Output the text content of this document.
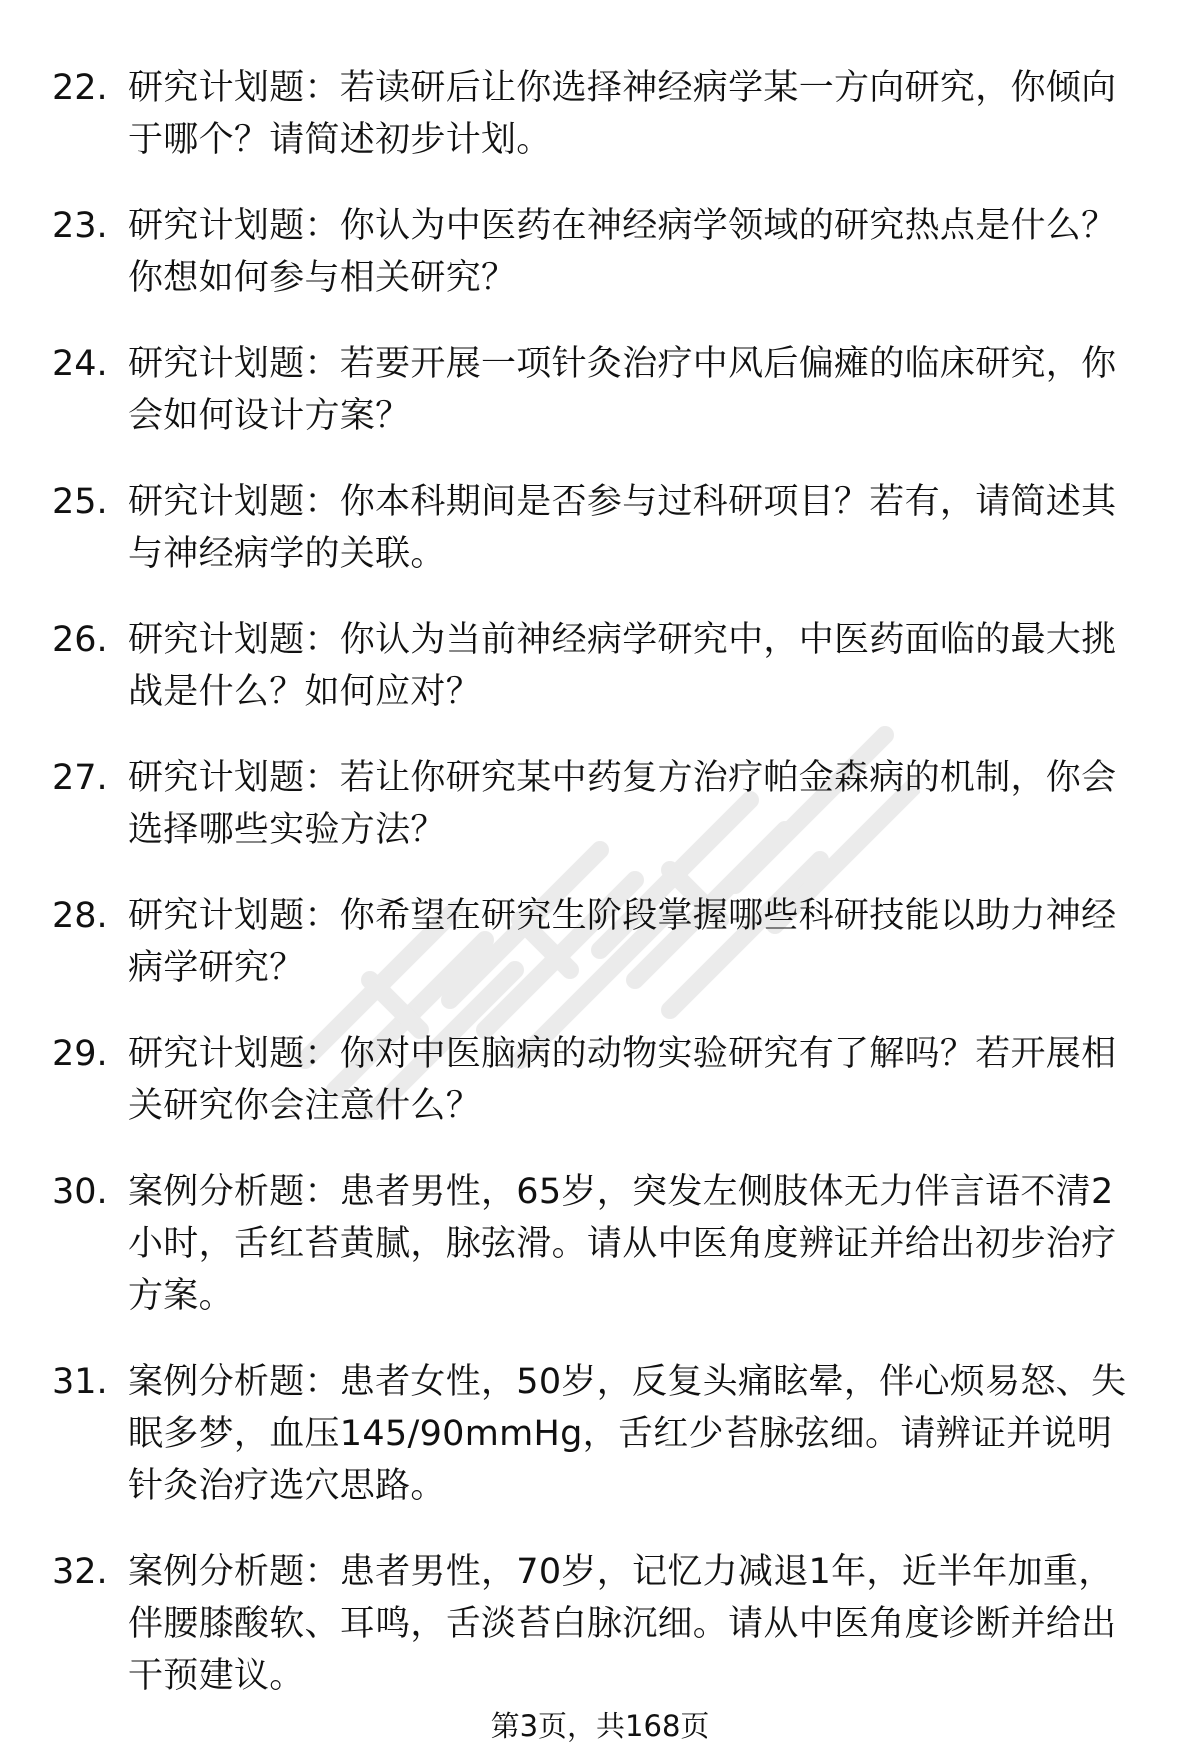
22. 研究计划题：若读研后让你选择神经病学某一方向研究，你倾向于哪个？请简述初步计划。
23. 研究计划题：你认为中医药在神经病学领域的研究热点是什么？你想如何参与相关研究？
24. 研究计划题：若要开展一项针灸治疗中风后偏瘫的临床研究，你会如何设计方案？
25. 研究计划题：你本科期间是否参与过科研项目？若有，请简述其与神经病学的关联。
26. 研究计划题：你认为当前神经病学研究中，中医药面临的最大挑战是什么？如何应对？
27. 研究计划题：若让你研究某中药复方治疗帕金森病的机制，你会选择哪些实验方法？
28. 研究计划题：你希望在研究生阶段掌握哪些科研技能以助力神经病学研究？
29. 研究计划题：你对中医脑病的动物实验研究有了解吗？若开展相关研究你会注意什么？
30. 案例分析题：患者男性，65岁，突发左侧肢体无力伴言语不清2小时，舌红苔黄腻，脉弦滑。请从中医角度辨证并给出初步治疗方案。
31. 案例分析题：患者女性，50岁，反复头痛眩晕，伴心烦易怒、失眠多梦，血压145/90mmHg，舌红少苔脉弦细。请辨证并说明针灸治疗选穴思路。
32. 案例分析题：患者男性，70岁，记忆力减退1年，近半年加重，伴腰膝酸软、耳鸣，舌淡苔白脉沉细。请从中医角度诊断并给出干预建议。
第3页，共168页
